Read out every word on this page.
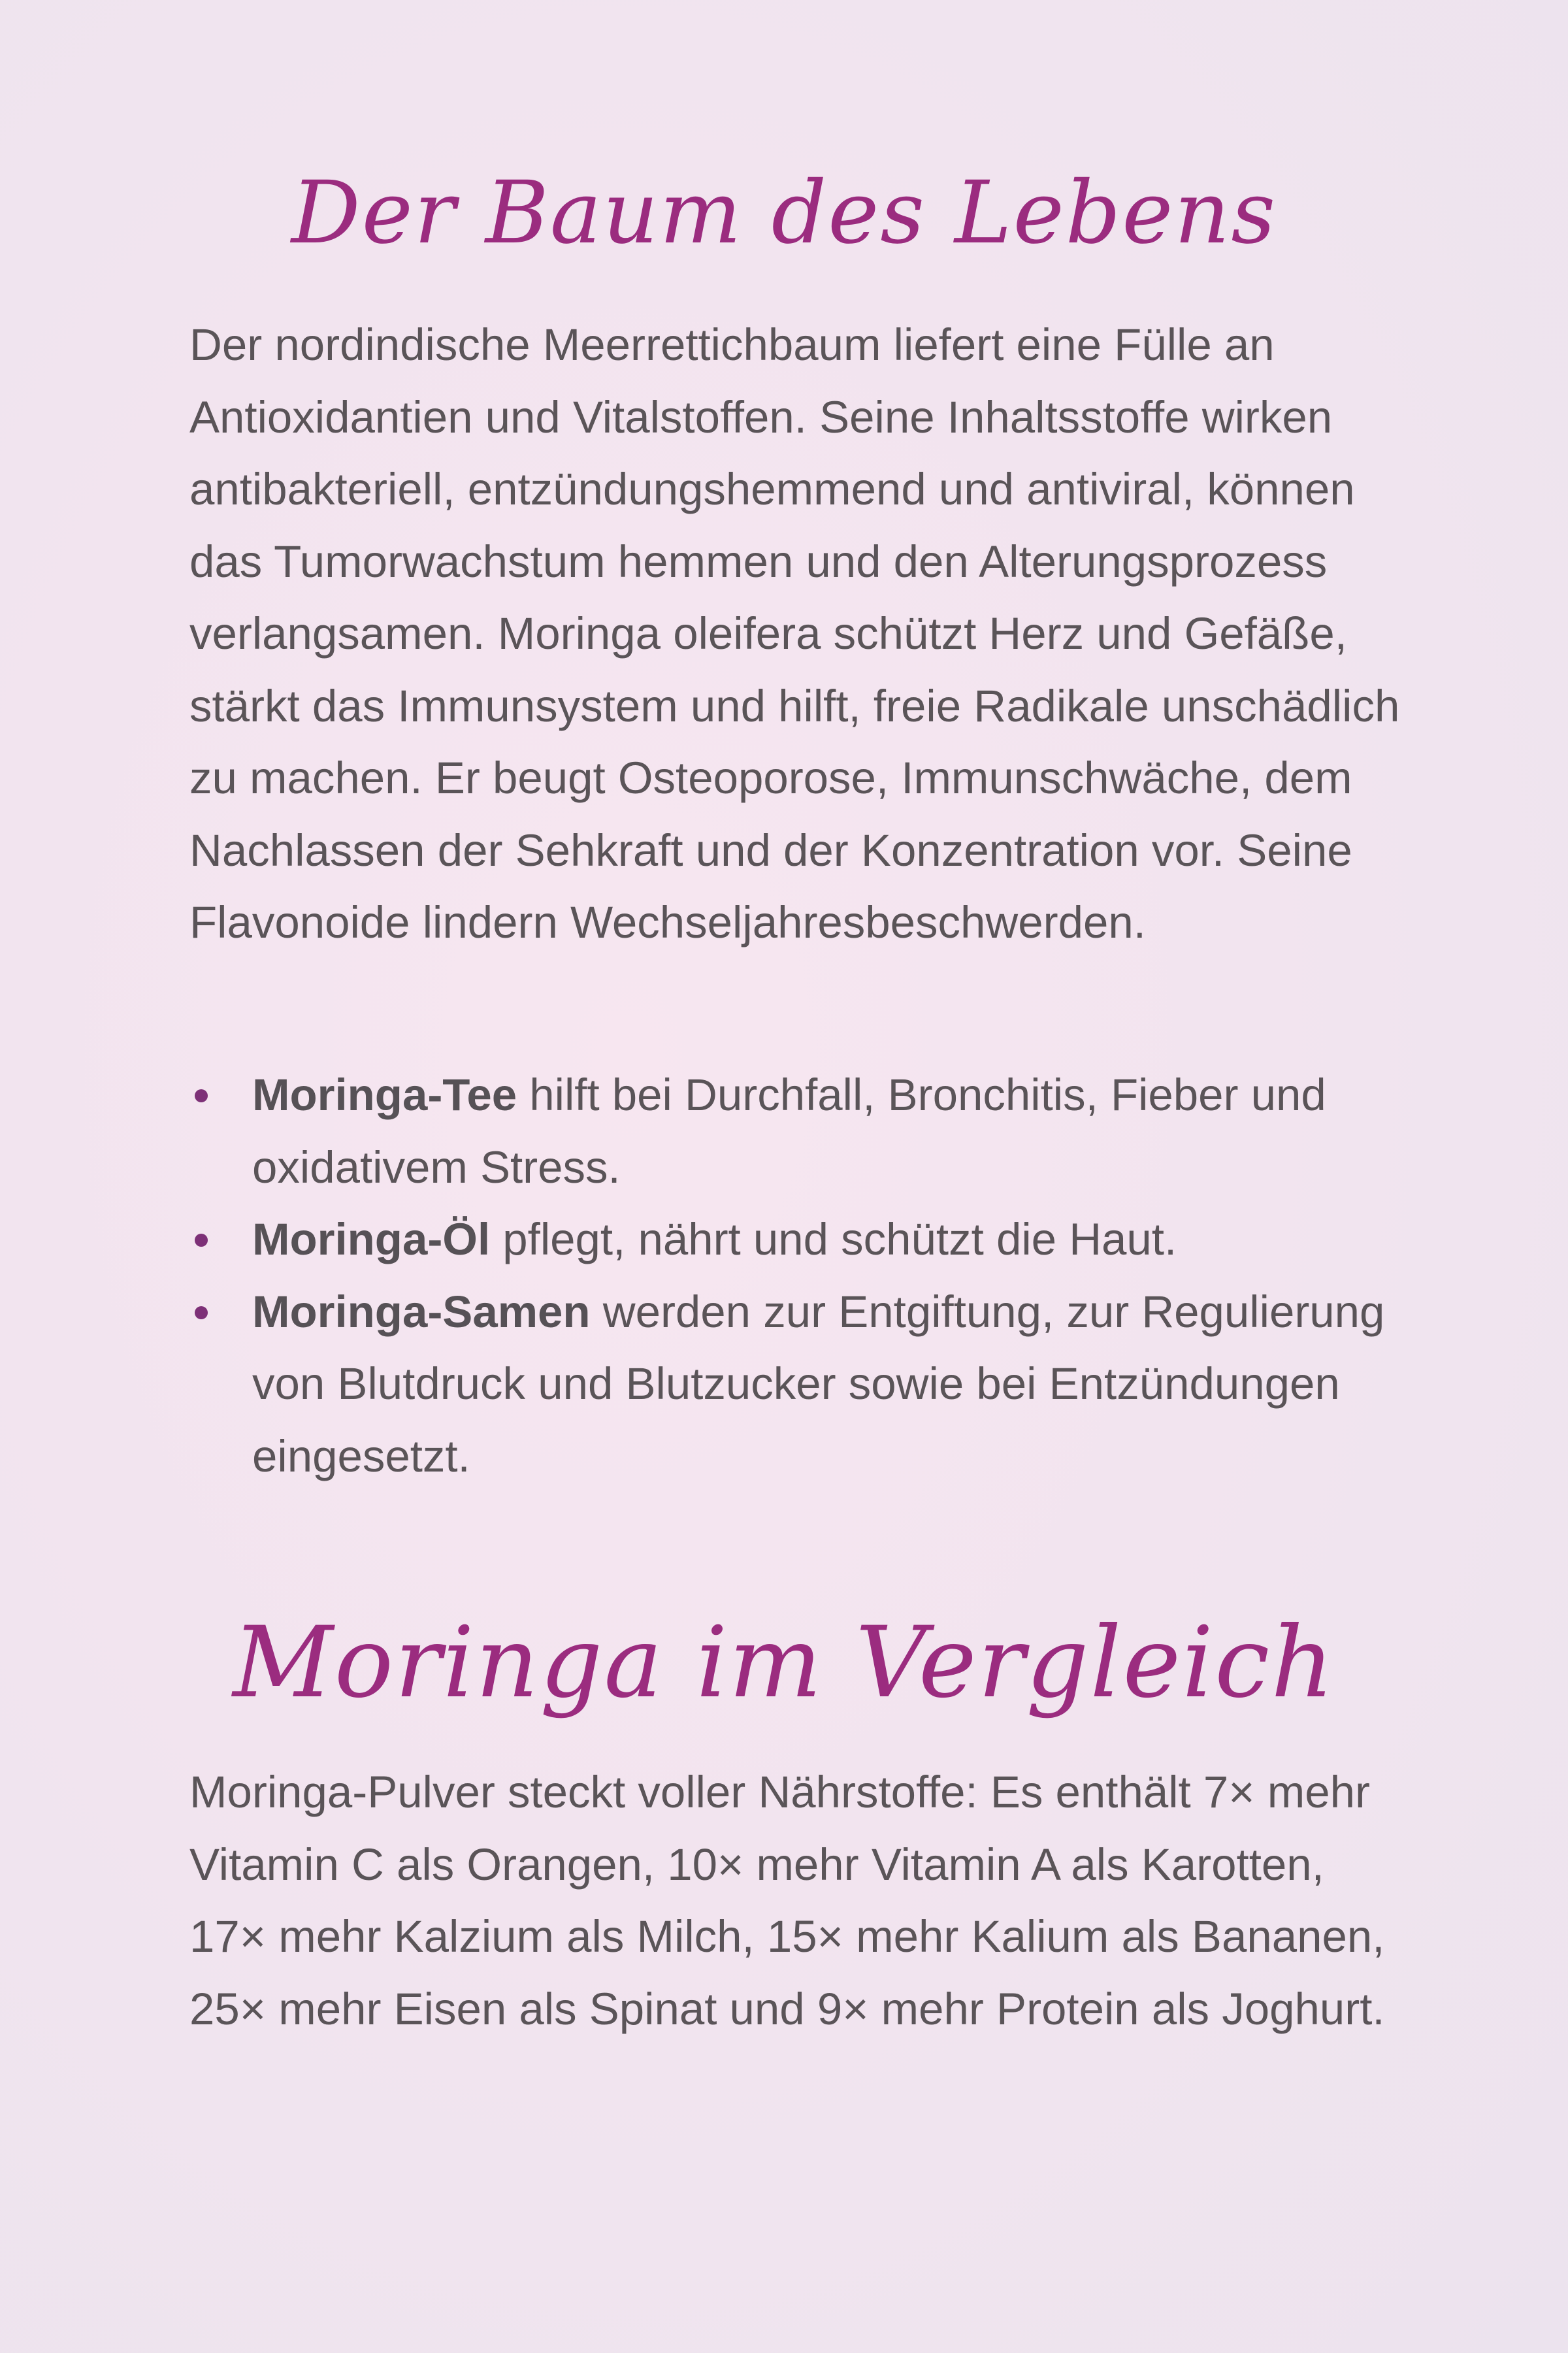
Der Baum des Lebens

Der nordindische Meerrettichbaum liefert eine Fülle an Antioxidantien und Vitalstoffen. Seine Inhaltsstoffe wirken antibakteriell, entzündungshemmend und antiviral, können das Tumorwachstum hemmen und den Alterungsprozess verlangsamen. Moringa oleifera schützt Herz und Gefäße, stärkt das Immunsystem und hilft, freie Radikale unschädlich zu machen. Er beugt Osteoporose, Immunschwäche, dem Nachlassen der Sehkraft und der Konzentration vor. Seine Flavonoide lindern Wechseljahresbeschwerden.

Moringa-Tee hilft bei Durchfall, Bronchitis, Fieber und oxidativem Stress.
Moringa-Öl pflegt, nährt und schützt die Haut.
Moringa-Samen werden zur Entgiftung, zur Regulierung von Blutdruck und Blutzucker sowie bei Entzündungen eingesetzt.
Moringa im Vergleich

Moringa-Pulver steckt voller Nährstoffe: Es enthält 7× mehr Vitamin C als Orangen, 10× mehr Vitamin A als Karotten, 17× mehr Kalzium als Milch, 15× mehr Kalium als Bananen, 25× mehr Eisen als Spinat und 9× mehr Protein als Joghurt.
